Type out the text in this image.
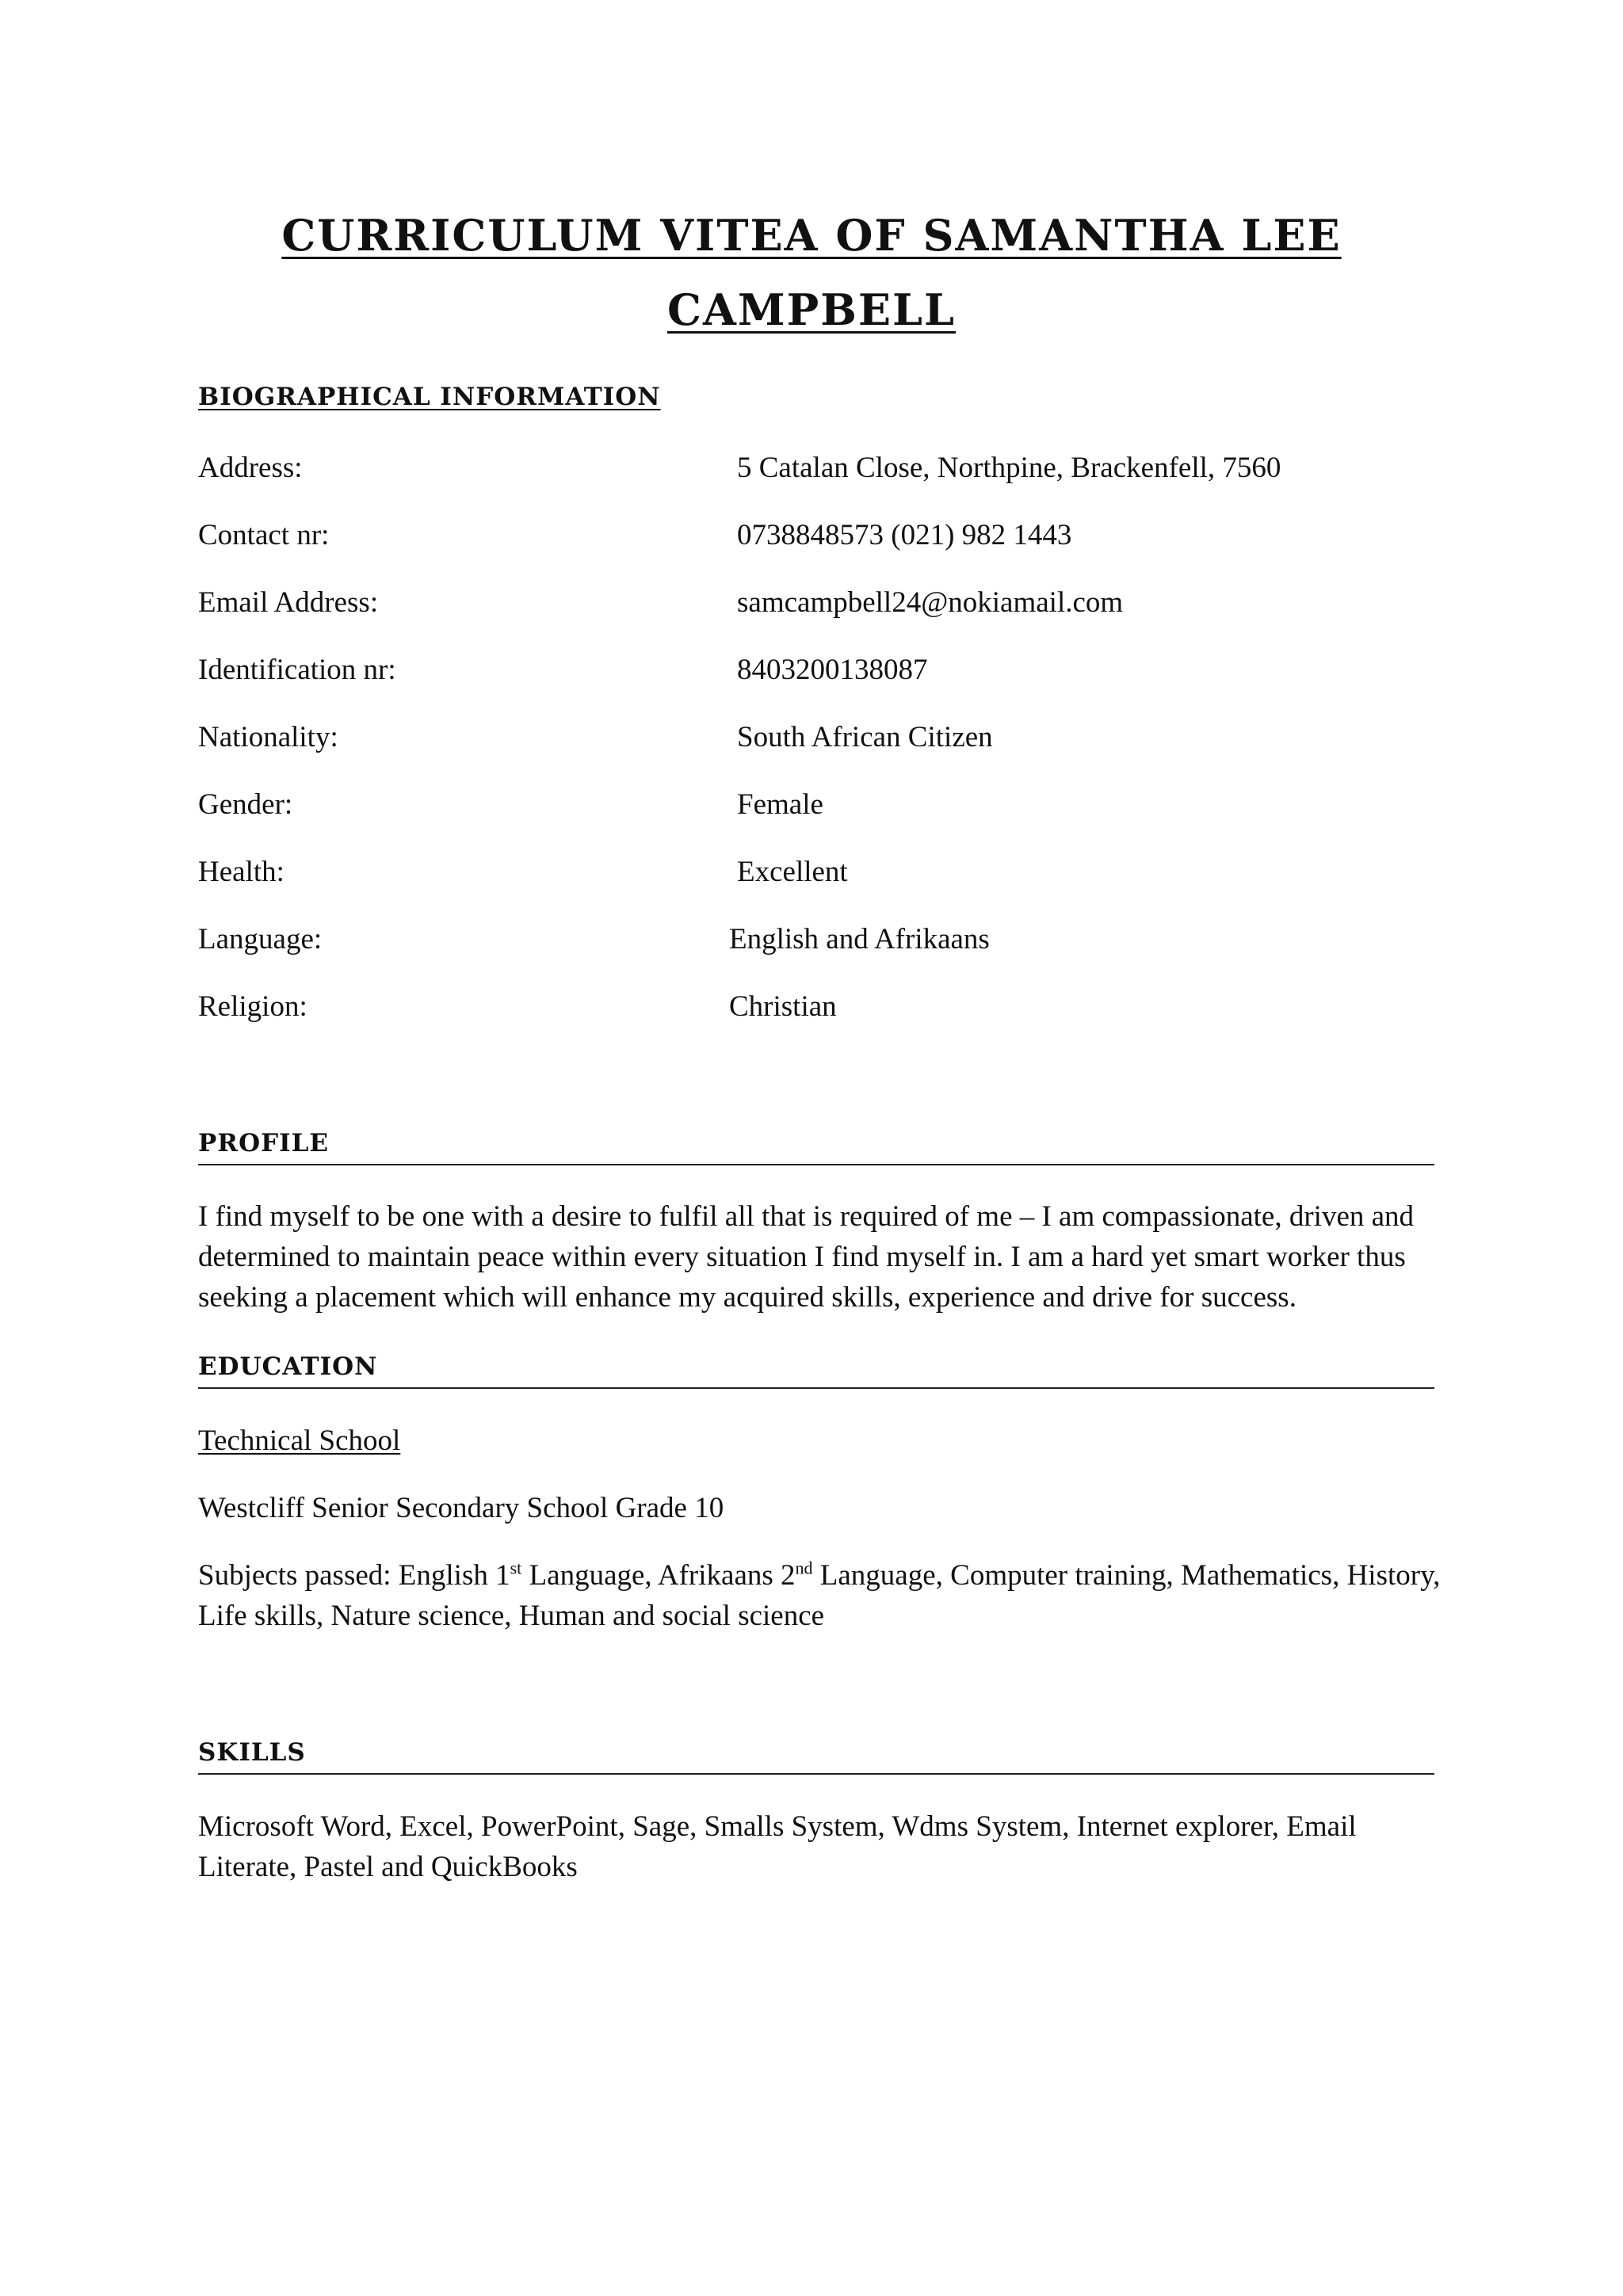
CURRICULUM VITEA OF SAMANTHA LEE
CAMPBELL
BIOGRAPHICAL INFORMATION
Address:	5 Catalan Close, Northpine, Brackenfell, 7560
Contact nr:	0738848573 (021) 982 1443
Email Address:	samcampbell24@nokiamail.com
Identification nr:	8403200138087
Nationality:	South African Citizen
Gender:	Female
Health:	Excellent
Language:	English and Afrikaans
Religion:	Christian
PROFILE

I find myself to be one with a desire to fulfil all that is required of me – I am compassionate, driven and determined to maintain peace within every situation I find myself in. I am a hard yet smart worker thus seeking a placement which will enhance my acquired skills, experience and drive for success.

EDUCATION

Technical School

Westcliff Senior Secondary School Grade 10

Subjects passed: English 1st Language, Afrikaans 2nd Language, Computer training, Mathematics, History, Life skills, Nature science, Human and social science

SKILLS

Microsoft Word, Excel, PowerPoint, Sage, Smalls System, Wdms System, Internet explorer, Email Literate, Pastel and QuickBooks
